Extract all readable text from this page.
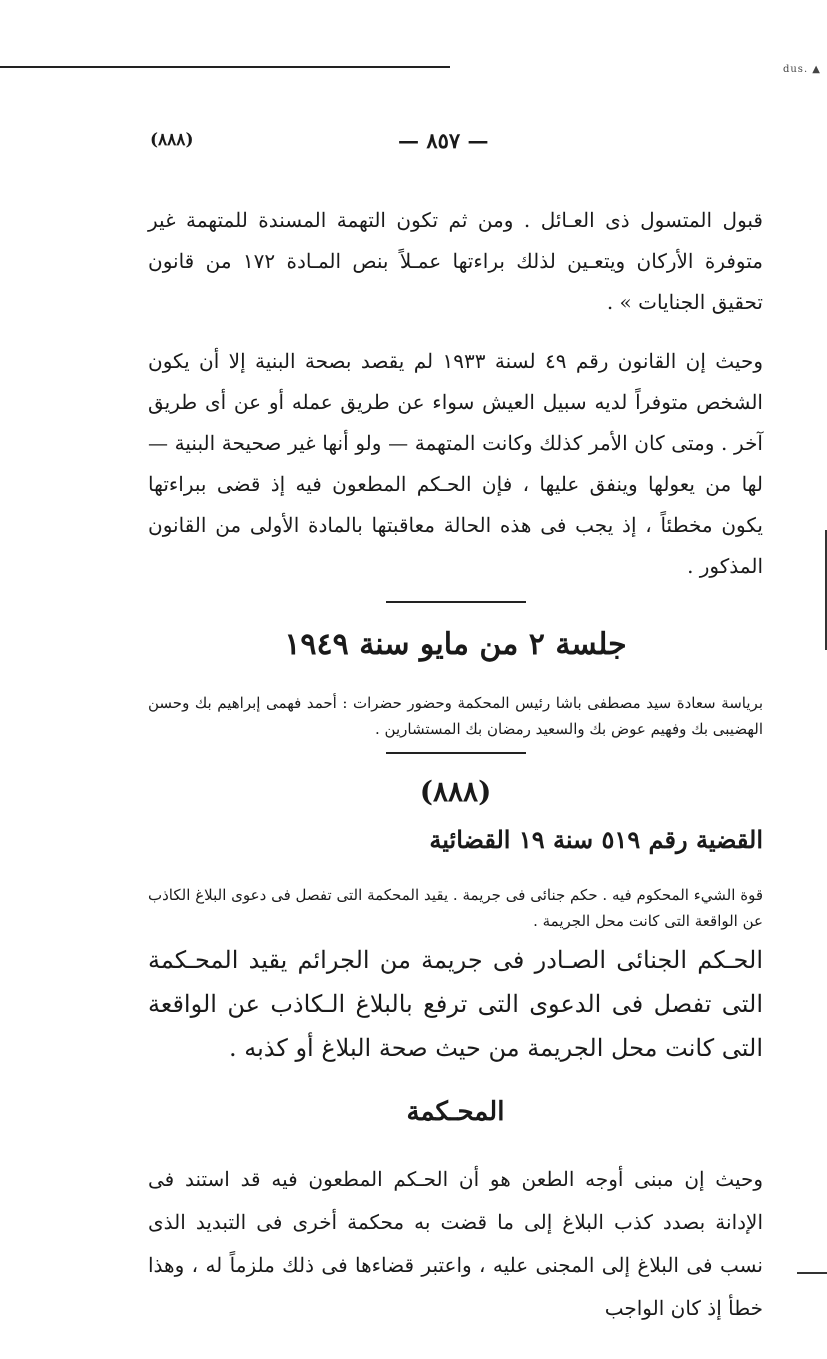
dus. ▲
(٨٨٨)	— ٨٥٧ —

قبول المتسول ذى العـائل . ومن ثم تكون التهمة المسندة للمتهمة غير متوفرة الأركان ويتعـين لذلك براءتها عمـلاً بنص المـادة ١٧٢ من قانون تحقيق الجنايات » .

وحيث إن القانون رقم ٤٩ لسنة ١٩٣٣ لم يقصد بصحة البنية إلا أن يكون الشخص متوفراً لديه سبيل العيش سواء عن طريق عمله أو عن أى طريق آخر . ومتى كان الأمر كذلك وكانت المتهمة — ولو أنها غير صحيحة البنية — لها من يعولها وينفق عليها ، فإن الحـكم المطعون فيه إذ قضى ببراءتها يكون مخطئاً ، إذ يجب فى هذه الحالة معاقبتها بالمادة الأولى من القانون المذكور .

جلسة ٢ من مايو سنة ١٩٤٩

برياسة سعادة سيد مصطفى باشا رئيس المحكمة وحضور حضرات : أحمد فهمى إبراهيم بك وحسن الهضيبى بك وفهيم عوض بك والسعيد رمضان بك المستشارين .

(٨٨٨)
القضية رقم ٥١٩ سنة ١٩ القضائية

قوة الشيء المحكوم فيه . حكم جنائى فى جريمة . يقيد المحكمة التى تفصل فى دعوى البلاغ الكاذب عن الواقعة التى كانت محل الجريمة .

الحـكم الجنائى الصـادر فى جريمة من الجرائم يقيد المحـكمة التى تفصل فى الدعوى التى ترفع بالبلاغ الـكاذب عن الواقعة التى كانت محل الجريمة من حيث صحة البلاغ أو كذبه .

المحـكمة

وحيث إن مبنى أوجه الطعن هو أن الحـكم المطعون فيه قد استند فى الإدانة بصدد كذب البلاغ إلى ما قضت به محكمة أخرى فى التبديد الذى نسب فى البلاغ إلى المجنى عليه ، واعتبر قضاءها فى ذلك ملزماً له ، وهذا خطأ إذ كان الواجب
